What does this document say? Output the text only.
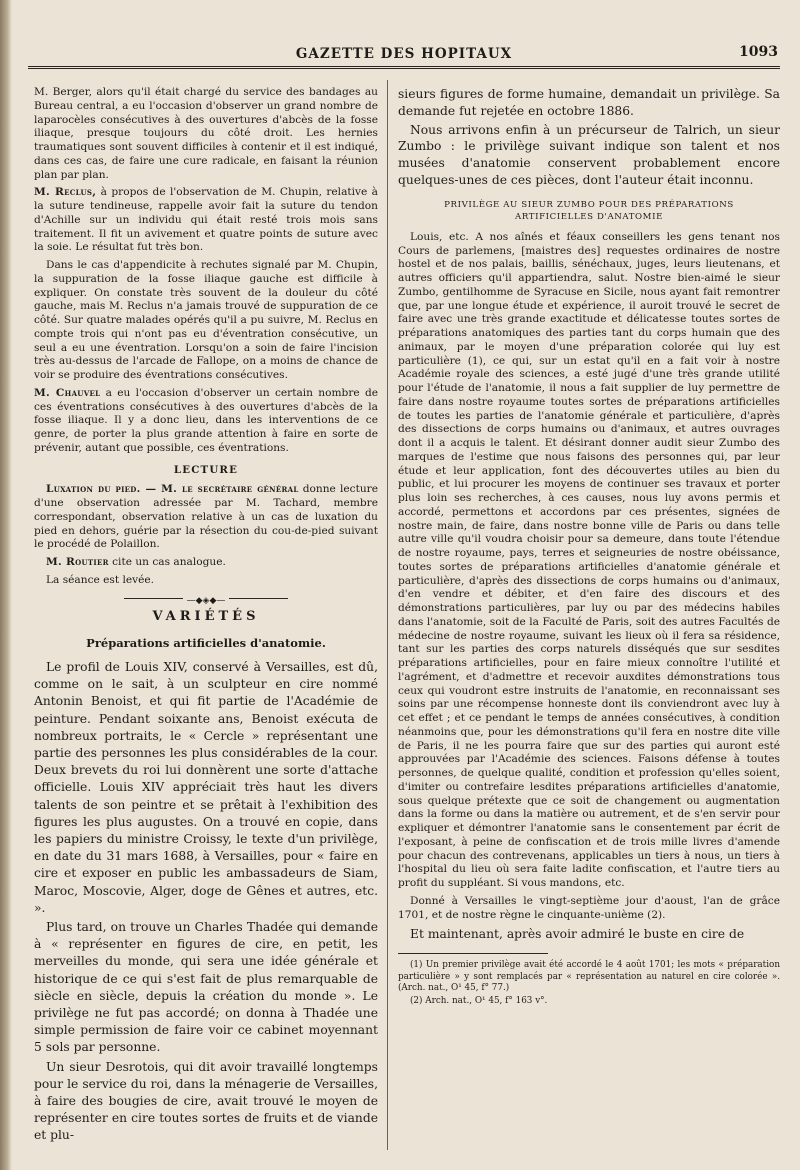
GAZETTE DES HOPITAUX	1093

M. Berger, alors qu'il était chargé du service des bandages au Bureau central, a eu l'occasion d'observer un grand nombre de laparocèles consécutives à des ouvertures d'abcès de la fosse iliaque, presque toujours du côté droit. Les hernies traumatiques sont souvent difficiles à contenir et il est indiqué, dans ces cas, de faire une cure radicale, en faisant la réunion plan par plan.

M. Reclus, à propos de l'observation de M. Chupin, relative à la suture tendineuse, rappelle avoir fait la suture du tendon d'Achille sur un individu qui était resté trois mois sans traitement. Il fit un avivement et quatre points de suture avec la soie. Le résultat fut très bon.

Dans le cas d'appendicite à rechutes signalé par M. Chupin, la suppuration de la fosse iliaque gauche est difficile à expliquer. On constate très souvent de la douleur du côté gauche, mais M. Reclus n'a jamais trouvé de suppuration de ce côté. Sur quatre malades opérés qu'il a pu suivre, M. Reclus en compte trois qui n'ont pas eu d'éventration consécutive, un seul a eu une éventration. Lorsqu'on a soin de faire l'incision très au-dessus de l'arcade de Fallope, on a moins de chance de voir se produire des éventrations consécutives.

M. Chauvel a eu l'occasion d'observer un certain nombre de ces éventrations consécutives à des ouvertures d'abcès de la fosse iliaque. Il y a donc lieu, dans les interventions de ce genre, de porter la plus grande attention à faire en sorte de prévenir, autant que possible, ces éventrations.

LECTURE

Luxation du pied. — M. le secrétaire général donne lecture d'une observation adressée par M. Tachard, membre correspondant, observation relative à un cas de luxation du pied en dehors, guérie par la résection du cou-de-pied suivant le procédé de Polaillon.

M. Routier cite un cas analogue.

La séance est levée.

—◆◈◆—
VARIÉTÉS
Préparations artificielles d'anatomie.

Le profil de Louis XIV, conservé à Versailles, est dû, comme on le sait, à un sculpteur en cire nommé Antonin Benoist, et qui fit partie de l'Académie de peinture. Pendant soixante ans, Benoist exécuta de nombreux portraits, le « Cercle » représentant une partie des personnes les plus considérables de la cour. Deux brevets du roi lui donnèrent une sorte d'attache officielle. Louis XIV appréciait très haut les divers talents de son peintre et se prêtait à l'exhibition des figures les plus augustes. On a trouvé en copie, dans les papiers du ministre Croissy, le texte d'un privilège, en date du 31 mars 1688, à Versailles, pour « faire en cire et exposer en public les ambassadeurs de Siam, Maroc, Moscovie, Alger, doge de Gênes et autres, etc. ».

Plus tard, on trouve un Charles Thadée qui demande à « représenter en figures de cire, en petit, les merveilles du monde, qui sera une idée générale et historique de ce qui s'est fait de plus remarquable de siècle en siècle, depuis la création du monde ». Le privilège ne fut pas accordé; on donna à Thadée une simple permission de faire voir ce cabinet moyennant 5 sols par personne.

Un sieur Desrotois, qui dit avoir travaillé longtemps pour le service du roi, dans la ménagerie de Versailles, à faire des bougies de cire, avait trouvé le moyen de représenter en cire toutes sortes de fruits et de viande et plu-

sieurs figures de forme humaine, demandait un privilège. Sa demande fut rejetée en octobre 1886.

Nous arrivons enfin à un précurseur de Talrich, un sieur Zumbo : le privilège suivant indique son talent et nos musées d'anatomie conservent probablement encore quelques-unes de ces pièces, dont l'auteur était inconnu.

PRIVILÈGE AU SIEUR ZUMBO POUR DES PRÉPARATIONS ARTIFICIELLES D'ANATOMIE

Louis, etc. A nos aînés et féaux conseillers les gens tenant nos Cours de parlemens, [maistres des] requestes ordinaires de nostre hostel et de nos palais, baillis, sénéchaux, juges, leurs lieutenans, et autres officiers qu'il appartiendra, salut. Nostre bien-aimé le sieur Zumbo, gentilhomme de Syracuse en Sicile, nous ayant fait remontrer que, par une longue étude et expérience, il auroit trouvé le secret de faire avec une très grande exactitude et délicatesse toutes sortes de préparations anatomiques des parties tant du corps humain que des animaux, par le moyen d'une préparation colorée qui luy est particulière (1), ce qui, sur un estat qu'il en a fait voir à nostre Académie royale des sciences, a esté jugé d'une très grande utilité pour l'étude de l'anatomie, il nous a fait supplier de luy permettre de faire dans nostre royaume toutes sortes de préparations artificielles de toutes les parties de l'anatomie générale et particulière, d'après des dissections de corps humains ou d'animaux, et autres ouvrages dont il a acquis le talent. Et désirant donner audit sieur Zumbo des marques de l'estime que nous faisons des personnes qui, par leur étude et leur application, font des découvertes utiles au bien du public, et lui procurer les moyens de continuer ses travaux et porter plus loin ses recherches, à ces causes, nous luy avons permis et accordé, permettons et accordons par ces présentes, signées de nostre main, de faire, dans nostre bonne ville de Paris ou dans telle autre ville qu'il voudra choisir pour sa demeure, dans toute l'étendue de nostre royaume, pays, terres et seigneuries de nostre obéissance, toutes sortes de préparations artificielles d'anatomie générale et particulière, d'après des dissections de corps humains ou d'animaux, d'en vendre et débiter, et d'en faire des discours et des démonstrations particulières, par luy ou par des médecins habiles dans l'anatomie, soit de la Faculté de Paris, soit des autres Facultés de médecine de nostre royaume, suivant les lieux où il fera sa résidence, tant sur les parties des corps naturels disséqués que sur sesdites préparations artificielles, pour en faire mieux connoître l'utilité et l'agrément, et d'admettre et recevoir auxdites démonstrations tous ceux qui voudront estre instruits de l'anatomie, en reconnaissant ses soins par une récompense honneste dont ils conviendront avec luy à cet effet ; et ce pendant le temps de années consécutives, à condition néanmoins que, pour les démonstrations qu'il fera en nostre dite ville de Paris, il ne les pourra faire que sur des parties qui auront esté approuvées par l'Académie des sciences. Faisons défense à toutes personnes, de quelque qualité, condition et profession qu'elles soient, d'imiter ou contrefaire lesdites préparations artificielles d'anatomie, sous quelque prétexte que ce soit de changement ou augmentation dans la forme ou dans la matière ou autrement, et de s'en servir pour expliquer et démontrer l'anatomie sans le consentement par écrit de l'exposant, à peine de confiscation et de trois mille livres d'amende pour chacun des contrevenans, applicables un tiers à nous, un tiers à l'hospital du lieu où sera faite ladite confiscation, et l'autre tiers au profit du suppléant. Si vous mandons, etc.

Donné à Versailles le vingt-septième jour d'aoust, l'an de grâce 1701, et de nostre règne le cinquante-unième (2).

Et maintenant, après avoir admiré le buste en cire de

(1) Un premier privilège avait été accordé le 4 août 1701; les mots « préparation particulière » y sont remplacés par « représentation au naturel en cire colorée ». (Arch. nat., O¹ 45, f° 77.)

(2) Arch. nat., O¹ 45, f° 163 v°.
